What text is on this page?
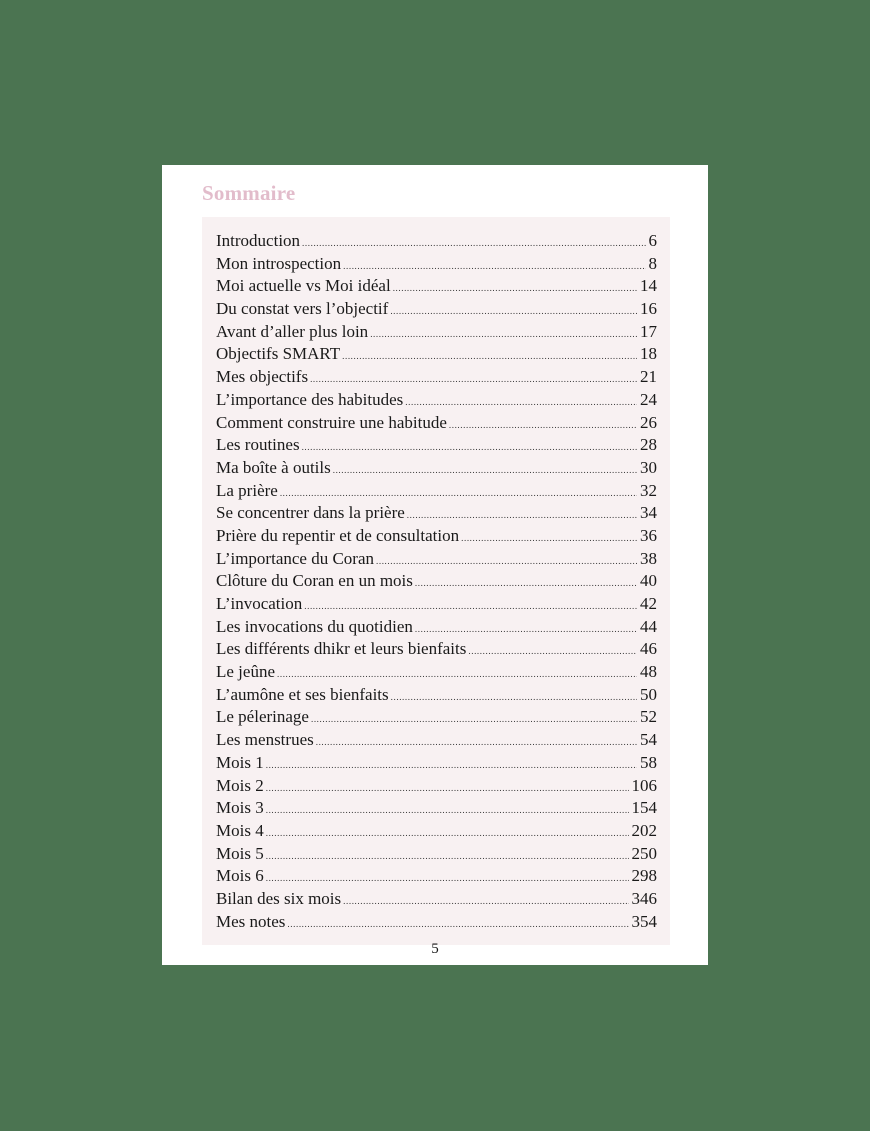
Sommaire
Introduction .....	6
Mon introspection .....	8
Moi actuelle vs Moi idéal .....	14
Du constat vers l’objectif .....	16
Avant d’aller plus loin .....	17
Objectifs SMART .....	18
Mes objectifs .....	21
L’importance des habitudes .....	24
Comment construire une habitude .....	26
Les routines .....	28
Ma boîte à outils .....	30
La prière .....	32
Se concentrer dans la prière .....	34
Prière du repentir et de consultation .....	36
L’importance du Coran .....	38
Clôture du Coran en un mois .....	40
L’invocation .....	42
Les invocations du quotidien .....	44
Les différents dhikr et leurs bienfaits .....	46
Le jeûne .....	48
L’aumône et ses bienfaits .....	50
Le pélerinage .....	52
Les menstrues .....	54
Mois 1 .....	58
Mois 2 .....	106
Mois 3 .....	154
Mois 4 .....	202
Mois 5 .....	250
Mois 6 .....	298
Bilan des six mois .....	346
Mes notes .....	354
5
